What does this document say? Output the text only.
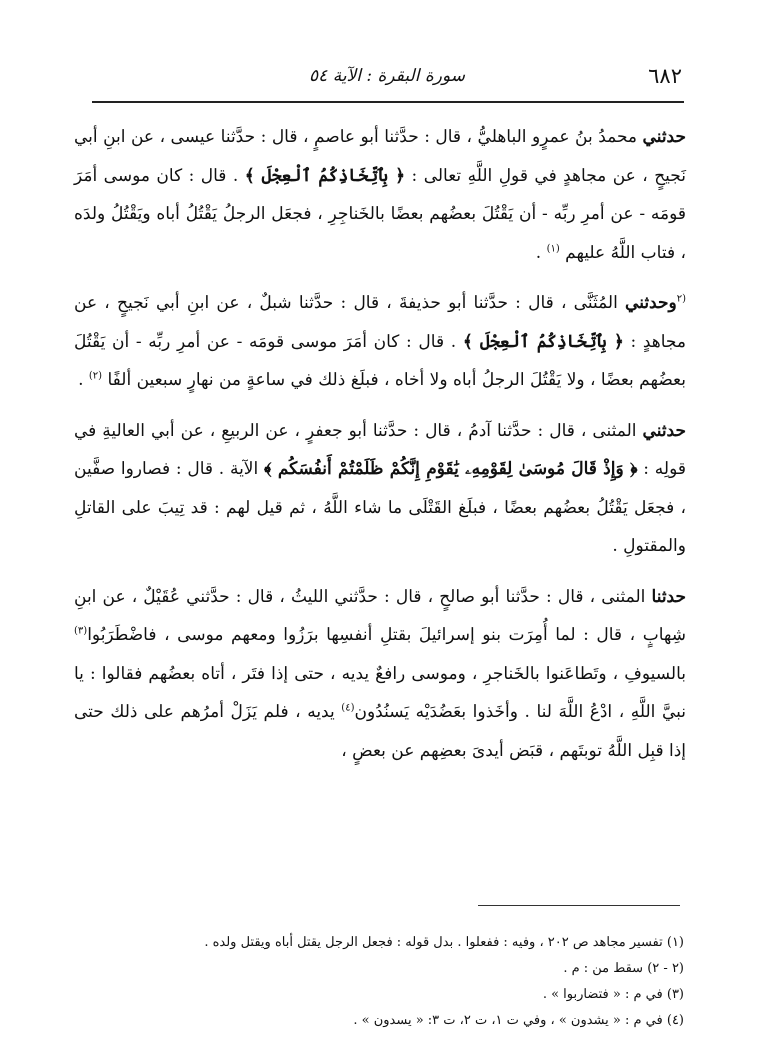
٦٨٢
سورة البقرة : الآية ٥٤

حدثني محمدُ بنُ عمرٍو الباهليُّ ، قال : حدَّثنا أبو عاصمٍ ، قال : حدَّثنا عيسى ، عن ابنِ أبي نَجيحٍ ، عن مجاهدٍ في قولِ اللَّهِ تعالى : ﴿ بِٱتِّخَاذِكُمُ ٱلْعِجْلَ ﴾ . قال : كان موسى أمَرَ قومَه - عن أمرِ ربِّه - أن يَقْتُلَ بعضُهم بعضًا بالخَناجِرِ ، فجعَل الرجلُ يَقْتُلُ أباه ويَقْتُلُ ولدَه ، فتاب اللَّهُ عليهم $^{(١)}$ .

$^{(٢}$وحدثني المُثَنَّى ، قال : حدَّثنا أبو حذيفةَ ، قال : حدَّثنا شبلٌ ، عن ابنِ أبي نَجيحٍ ، عن مجاهدٍ : ﴿ بِٱتِّخَاذِكُمُ ٱلْعِجْلَ ﴾ . قال : كان أمَرَ موسى قومَه - عن أمرِ ربِّه - أن يَقْتُلَ بعضُهم بعضًا ، ولا يَقْتُلَ الرجلُ أباه ولا أخاه ، فبلَغ ذلك في ساعةٍ من نهارٍ سبعين ألفًا $^{(٢)}$ .

حدثني المثنى ، قال : حدَّثنا آدمُ ، قال : حدَّثنا أبو جعفرٍ ، عن الربيعِ ، عن أبي العاليةِ في قولِه : ﴿ وَإِذْ قَالَ مُوسَىٰ لِقَوْمِهِۦ يَٰقَوْمِ إِنَّكُمْ ظَلَمْتُمْ أَنفُسَكُم ﴾ الآية . قال : فصاروا صفَّين ، فجعَل يَقْتُلُ بعضُهم بعضًا ، فبلَغ القَتْلَى ما شاء اللَّهُ ، ثم قيل لهم : قد تِيبَ على القاتلِ والمقتولِ .

حدثنا المثنى ، قال : حدَّثنا أبو صالحٍ ، قال : حدَّثني الليثُ ، قال : حدَّثني عُقَيْلٌ ، عن ابنِ شِهابٍ ، قال : لما أُمِرَت بنو إسرائيلَ بقتلِ أنفسِها برَزُوا ومعهم موسى ، فاضْطَرَبُوا$^{(٣)}$ بالسيوفِ ، وتَطاعَنوا بالخَناجرِ ، وموسى رافعٌ يديه ، حتى إذا فتَر ، أتاه بعضُهم فقالوا : يا نبيَّ اللَّهِ ، ادْعُ اللَّهَ لنا . وأخَذوا بعَضُدَيْه يَسنُدُون$^{(٤)}$ يديه ، فلم يَزَلْ أمرُهم على ذلك حتى إذا قبِل اللَّهُ توبتَهم ، قبَض أيدىَ بعضِهم عن بعضٍ ،

(١) تفسير مجاهد ص ٢٠٢ ، وفيه : ففعلوا . بدل قوله : فجعل الرجل يقتل أباه ويقتل ولده .

(٢ - ٢) سقط من : م .

(٣) في م : « فتضاربوا » .

(٤) في م : « يشدون » ، وفي ت ١، ت ٢، ت ٣: « يسدون » .
